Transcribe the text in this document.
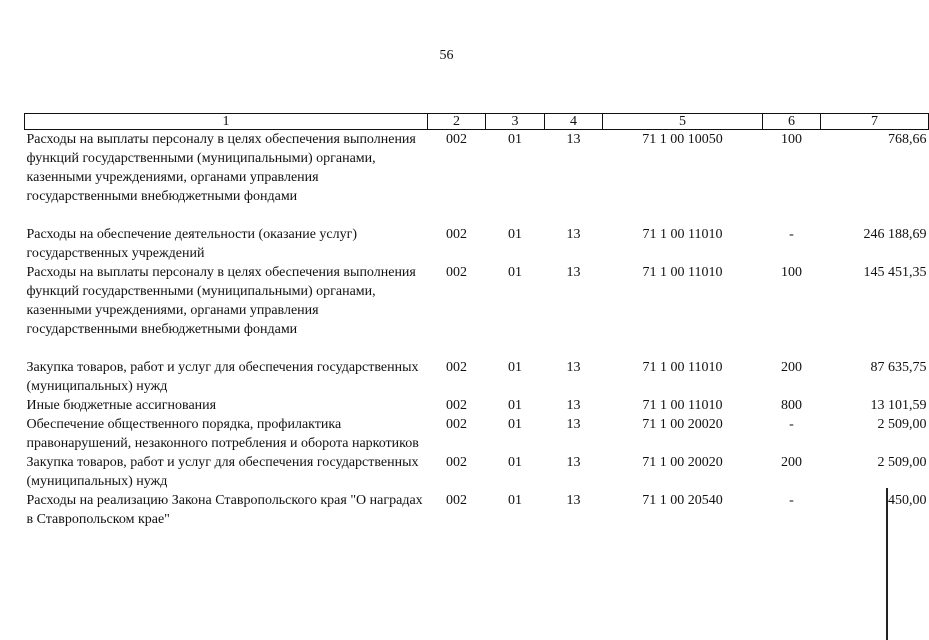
56
1	2	3	4	5	6	7
Расходы на выплаты персоналу в целях обеспечения выполнения функций государственными (муниципальными) органами, казенными учреждениями, органами управления государственными внебюджетными фондами	002	01	13	71 1 00 10050	100	768,66
Расходы на обеспечение деятельности (оказание услуг) государственных учреждений	002	01	13	71 1 00 11010	-	246 188,69
Расходы на выплаты персоналу в целях обеспечения выполнения функций государственными (муниципальными) органами, казенными учреждениями, органами управления государственными внебюджетными фондами	002	01	13	71 1 00 11010	100	145 451,35
Закупка товаров, работ и услуг для обеспечения государственных (муниципальных) нужд	002	01	13	71 1 00 11010	200	87 635,75
Иные бюджетные ассигнования	002	01	13	71 1 00 11010	800	13 101,59
Обеспечение общественного порядка, профилактика правонарушений, незаконного потребления и оборота наркотиков	002	01	13	71 1 00 20020	-	2 509,00
Закупка товаров, работ и услуг для обеспечения государственных (муниципальных) нужд	002	01	13	71 1 00 20020	200	2 509,00
Расходы на реализацию Закона Ставропольского края "О наградах в Ставропольском крае"	002	01	13	71 1 00 20540	-	450,00
